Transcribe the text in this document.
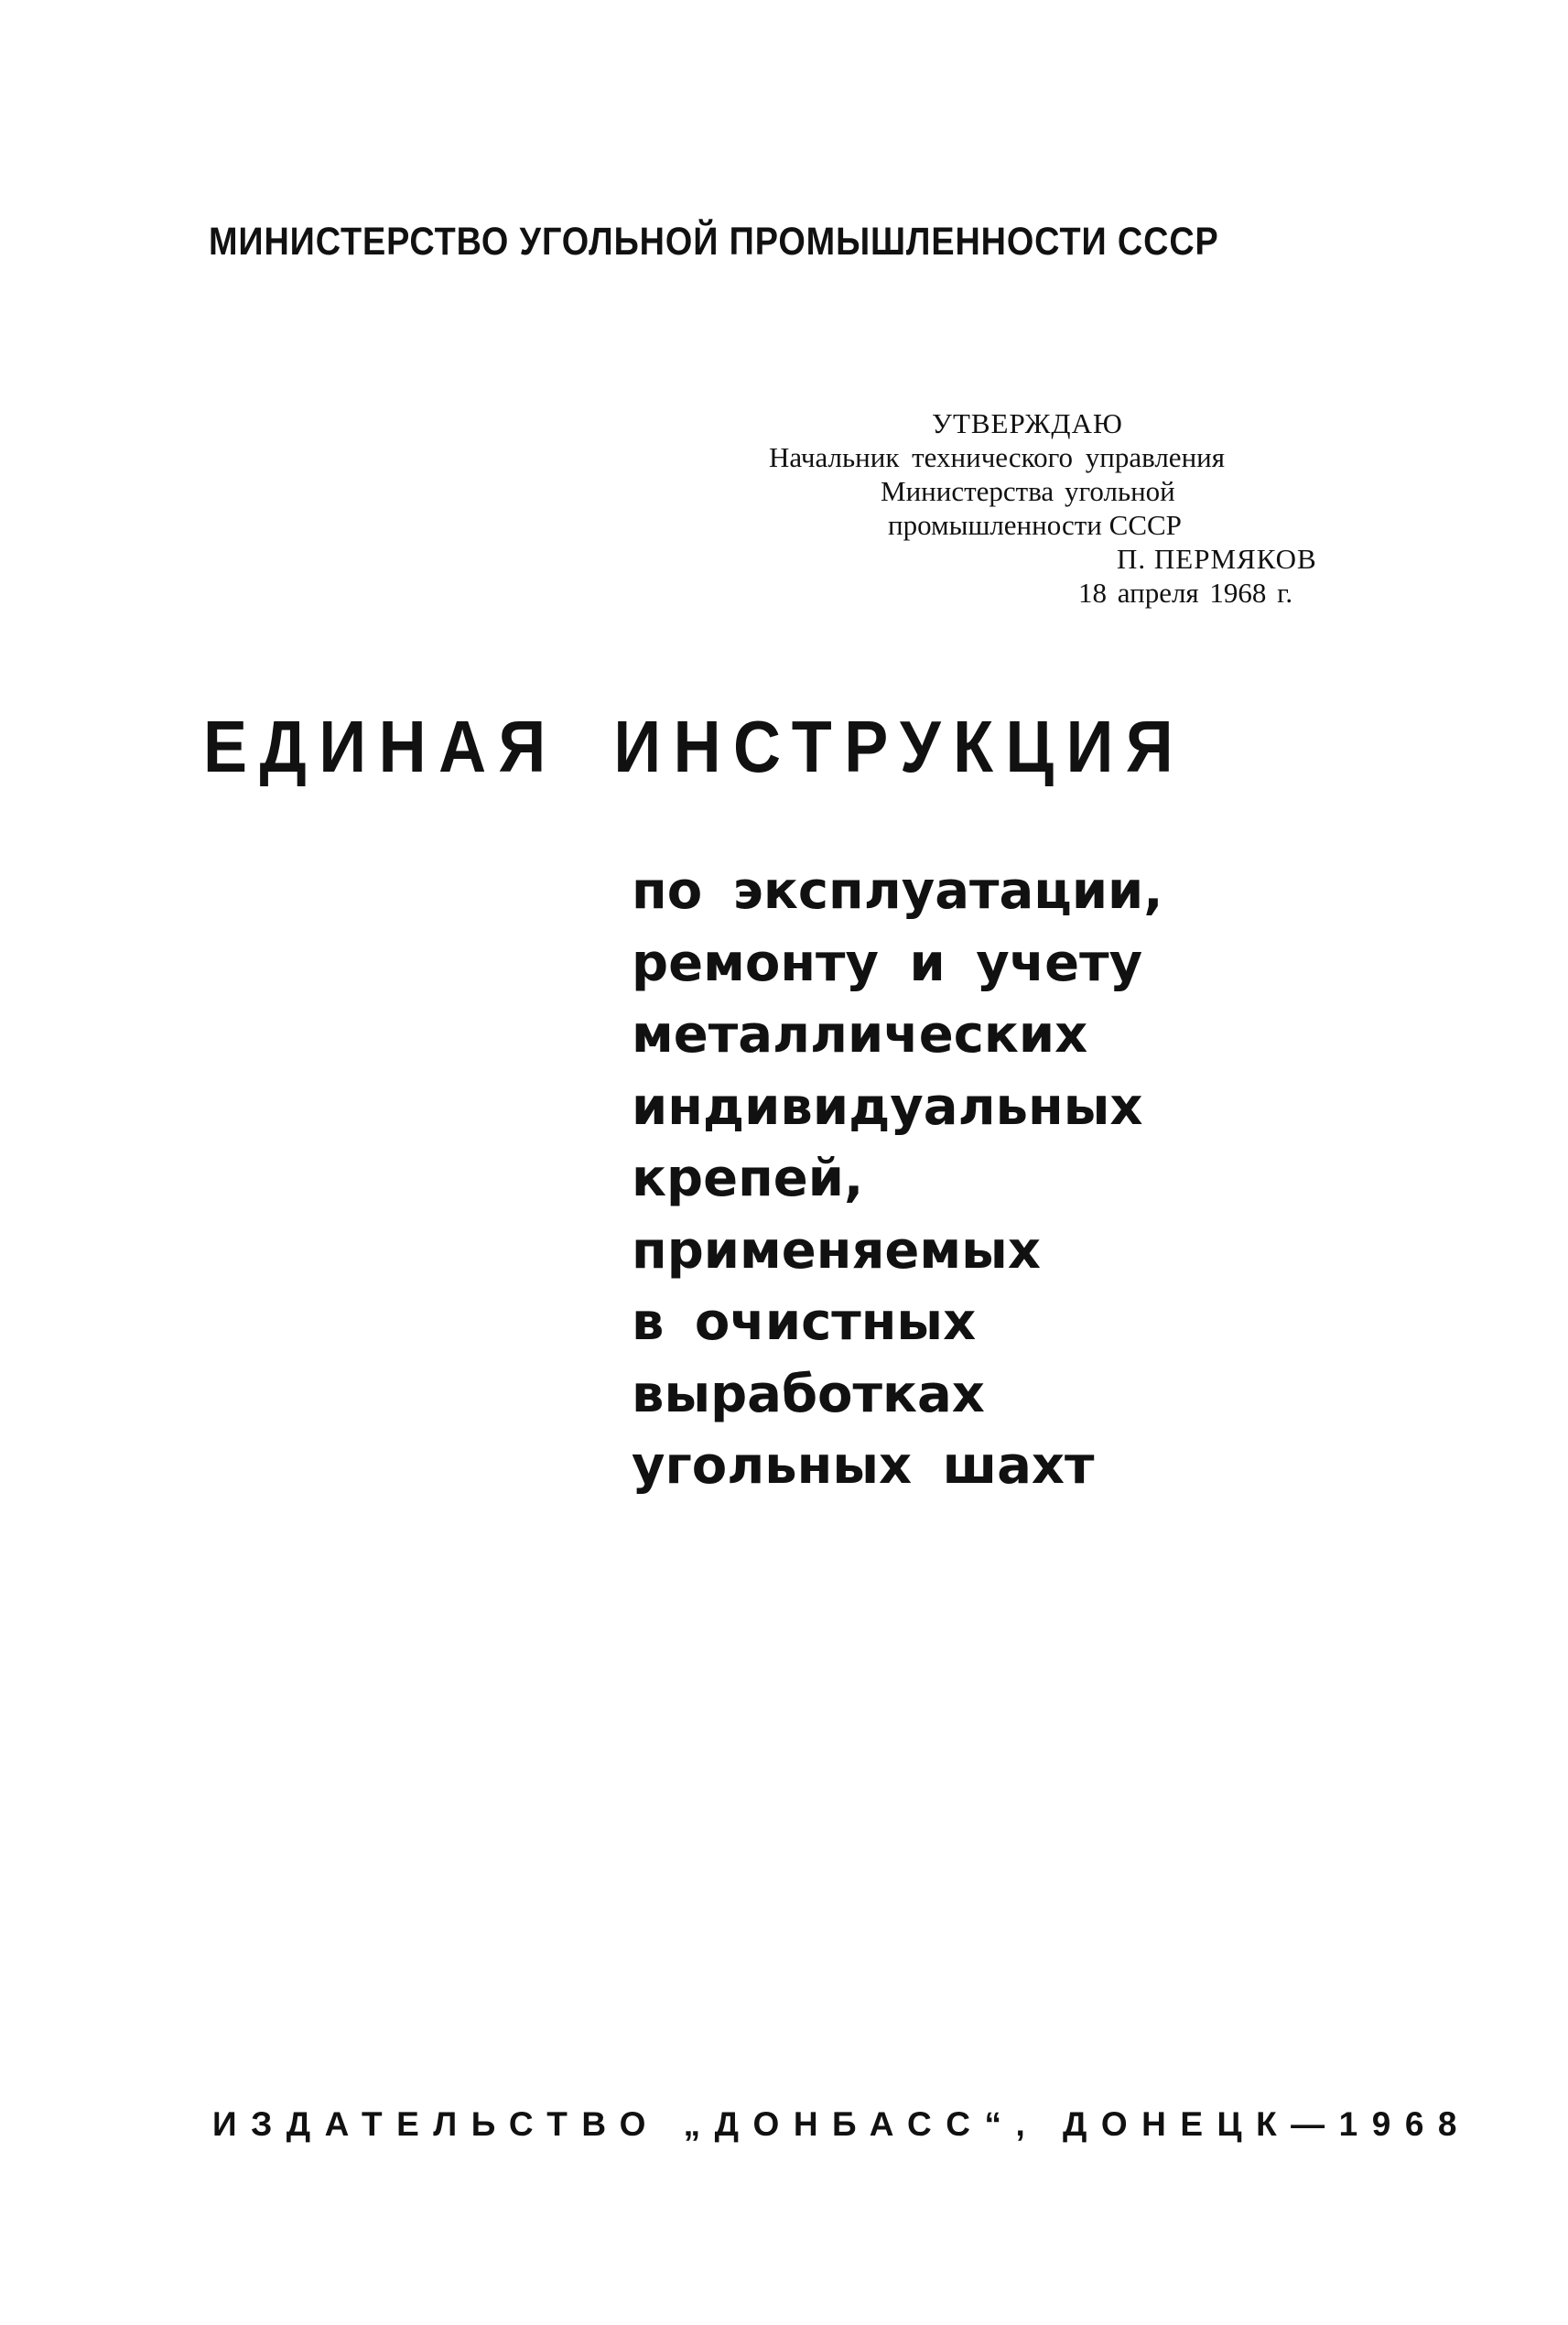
МИНИСТЕРСТВО УГОЛЬНОЙ ПРОМЫШЛЕННОСТИ СССР
УТВЕРЖДАЮ
Начальник технического управления
Министерства угольной
промышленности СССР
П. ПЕРМЯКОВ
18 апреля 1968 г.
ЕДИНАЯ ИНСТРУКЦИЯ
по эксплуатации,
ремонту и учету
металлических
индивидуальных
крепей,
применяемых
в очистных
выработках
угольных шахт
ИЗДАТЕЛЬСТВО „ДОНБАСС“, ДОНЕЦК—1968
